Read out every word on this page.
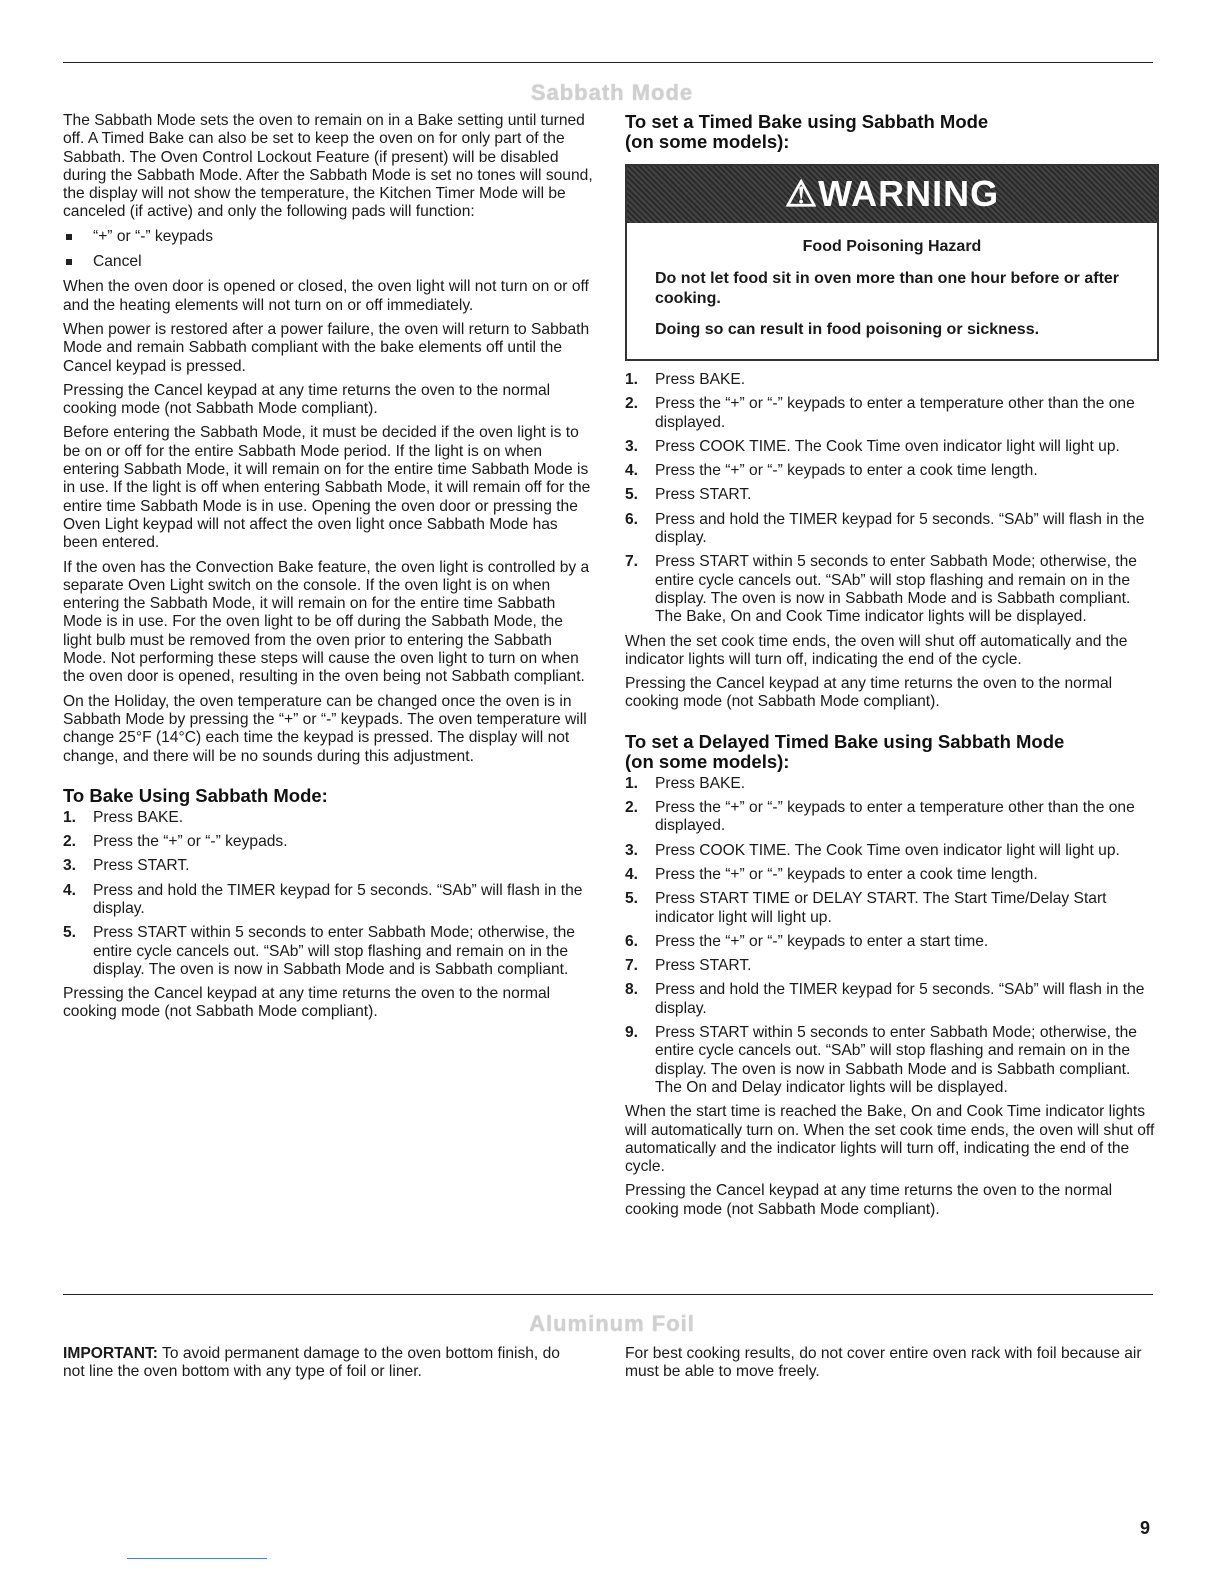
Sabbath Mode

The Sabbath Mode sets the oven to remain on in a Bake setting until turned off. A Timed Bake can also be set to keep the oven on for only part of the Sabbath. The Oven Control Lockout Feature (if present) will be disabled during the Sabbath Mode. After the Sabbath Mode is set no tones will sound, the display will not show the temperature, the Kitchen Timer Mode will be canceled (if active) and only the following pads will function:

“+” or “-” keypads
Cancel

When the oven door is opened or closed, the oven light will not turn on or off and the heating elements will not turn on or off immediately.

When power is restored after a power failure, the oven will return to Sabbath Mode and remain Sabbath compliant with the bake elements off until the Cancel keypad is pressed.

Pressing the Cancel keypad at any time returns the oven to the normal cooking mode (not Sabbath Mode compliant).

Before entering the Sabbath Mode, it must be decided if the oven light is to be on or off for the entire Sabbath Mode period. If the light is on when entering Sabbath Mode, it will remain on for the entire time Sabbath Mode is in use. If the light is off when entering Sabbath Mode, it will remain off for the entire time Sabbath Mode is in use. Opening the oven door or pressing the Oven Light keypad will not affect the oven light once Sabbath Mode has been entered.

If the oven has the Convection Bake feature, the oven light is controlled by a separate Oven Light switch on the console. If the oven light is on when entering the Sabbath Mode, it will remain on for the entire time Sabbath Mode is in use. For the oven light to be off during the Sabbath Mode, the light bulb must be removed from the oven prior to entering the Sabbath Mode. Not performing these steps will cause the oven light to turn on when the oven door is opened, resulting in the oven being not Sabbath compliant.

On the Holiday, the oven temperature can be changed once the oven is in Sabbath Mode by pressing the “+” or “-” keypads. The oven temperature will change 25°F (14°C) each time the keypad is pressed. The display will not change, and there will be no sounds during this adjustment.

To Bake Using Sabbath Mode:
1. Press BAKE.
2. Press the “+” or “-” keypads.
3. Press START.
4. Press and hold the TIMER keypad for 5 seconds. “SAb” will flash in the display.
5. Press START within 5 seconds to enter Sabbath Mode; otherwise, the entire cycle cancels out. “SAb” will stop flashing and remain on in the display. The oven is now in Sabbath Mode and is Sabbath compliant.

Pressing the Cancel keypad at any time returns the oven to the normal cooking mode (not Sabbath Mode compliant).

To set a Timed Bake using Sabbath Mode (on some models):
⚠WARNING
Food Poisoning Hazard

Do not let food sit in oven more than one hour before or after cooking.

Doing so can result in food poisoning or sickness.

1. Press BAKE.
2. Press the “+” or “-” keypads to enter a temperature other than the one displayed.
3. Press COOK TIME. The Cook Time oven indicator light will light up.
4. Press the “+” or “-” keypads to enter a cook time length.
5. Press START.
6. Press and hold the TIMER keypad for 5 seconds. “SAb” will flash in the display.
7. Press START within 5 seconds to enter Sabbath Mode; otherwise, the entire cycle cancels out. “SAb” will stop flashing and remain on in the display. The oven is now in Sabbath Mode and is Sabbath compliant. The Bake, On and Cook Time indicator lights will be displayed.

When the set cook time ends, the oven will shut off automatically and the indicator lights will turn off, indicating the end of the cycle.

Pressing the Cancel keypad at any time returns the oven to the normal cooking mode (not Sabbath Mode compliant).

To set a Delayed Timed Bake using Sabbath Mode (on some models):
1. Press BAKE.
2. Press the “+” or “-” keypads to enter a temperature other than the one displayed.
3. Press COOK TIME. The Cook Time oven indicator light will light up.
4. Press the “+” or “-” keypads to enter a cook time length.
5. Press START TIME or DELAY START. The Start Time/Delay Start indicator light will light up.
6. Press the “+” or “-” keypads to enter a start time.
7. Press START.
8. Press and hold the TIMER keypad for 5 seconds. “SAb” will flash in the display.
9. Press START within 5 seconds to enter Sabbath Mode; otherwise, the entire cycle cancels out. “SAb” will stop flashing and remain on in the display. The oven is now in Sabbath Mode and is Sabbath compliant. The On and Delay indicator lights will be displayed.

When the start time is reached the Bake, On and Cook Time indicator lights will automatically turn on. When the set cook time ends, the oven will shut off automatically and the indicator lights will turn off, indicating the end of the cycle.

Pressing the Cancel keypad at any time returns the oven to the normal cooking mode (not Sabbath Mode compliant).

Aluminum Foil

IMPORTANT: To avoid permanent damage to the oven bottom finish, do not line the oven bottom with any type of foil or liner.

For best cooking results, do not cover entire oven rack with foil because air must be able to move freely.

9
